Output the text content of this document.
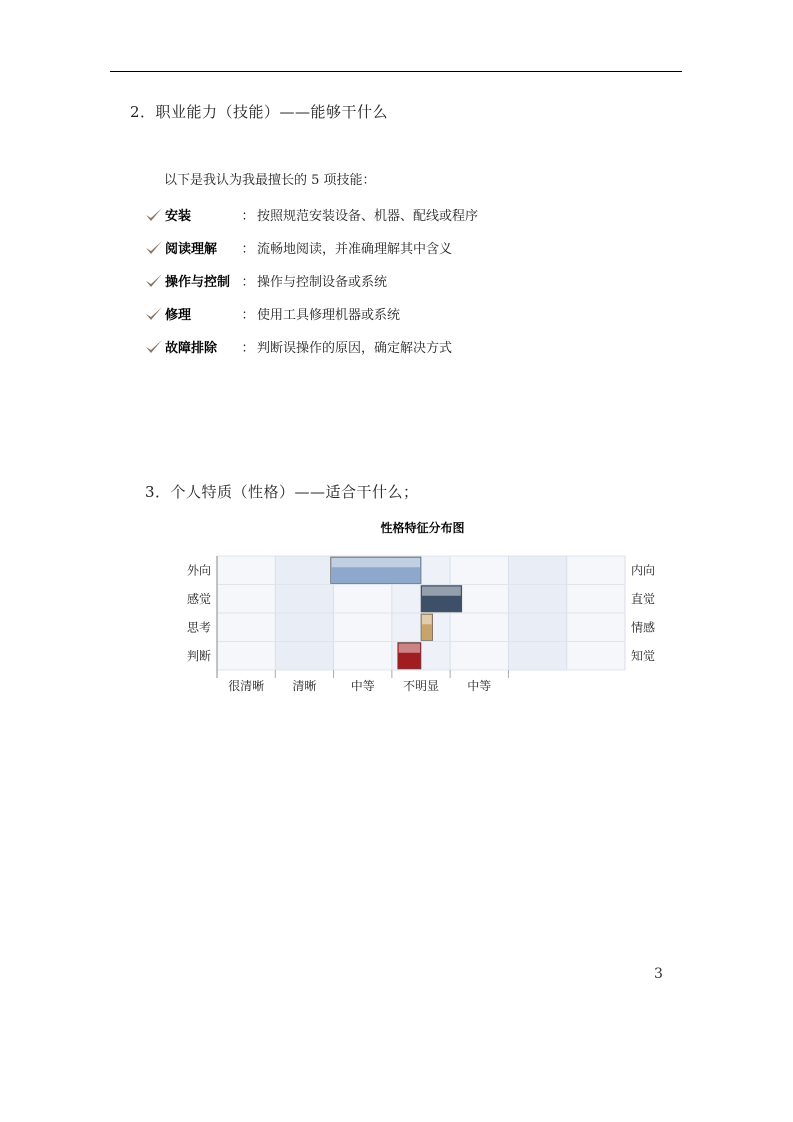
2．职业能力（技能）——能够干什么
以下是我认为我最擅长的 5 项技能：
安装	： 按照规范安装设备、机器、配线或程序
阅读理解	： 流畅地阅读，并准确理解其中含义
操作与控制 ： 操作与控制设备或系统
修理	： 使用工具修理机器或系统
故障排除	： 判断误操作的原因，确定解决方式
3．个人特质（性格）——适合干什么；
性格特征分布图
外向
感觉
思考
判断
内向
直觉
情感
知觉
很清晰 清晰	中等 不明显 中等
3
